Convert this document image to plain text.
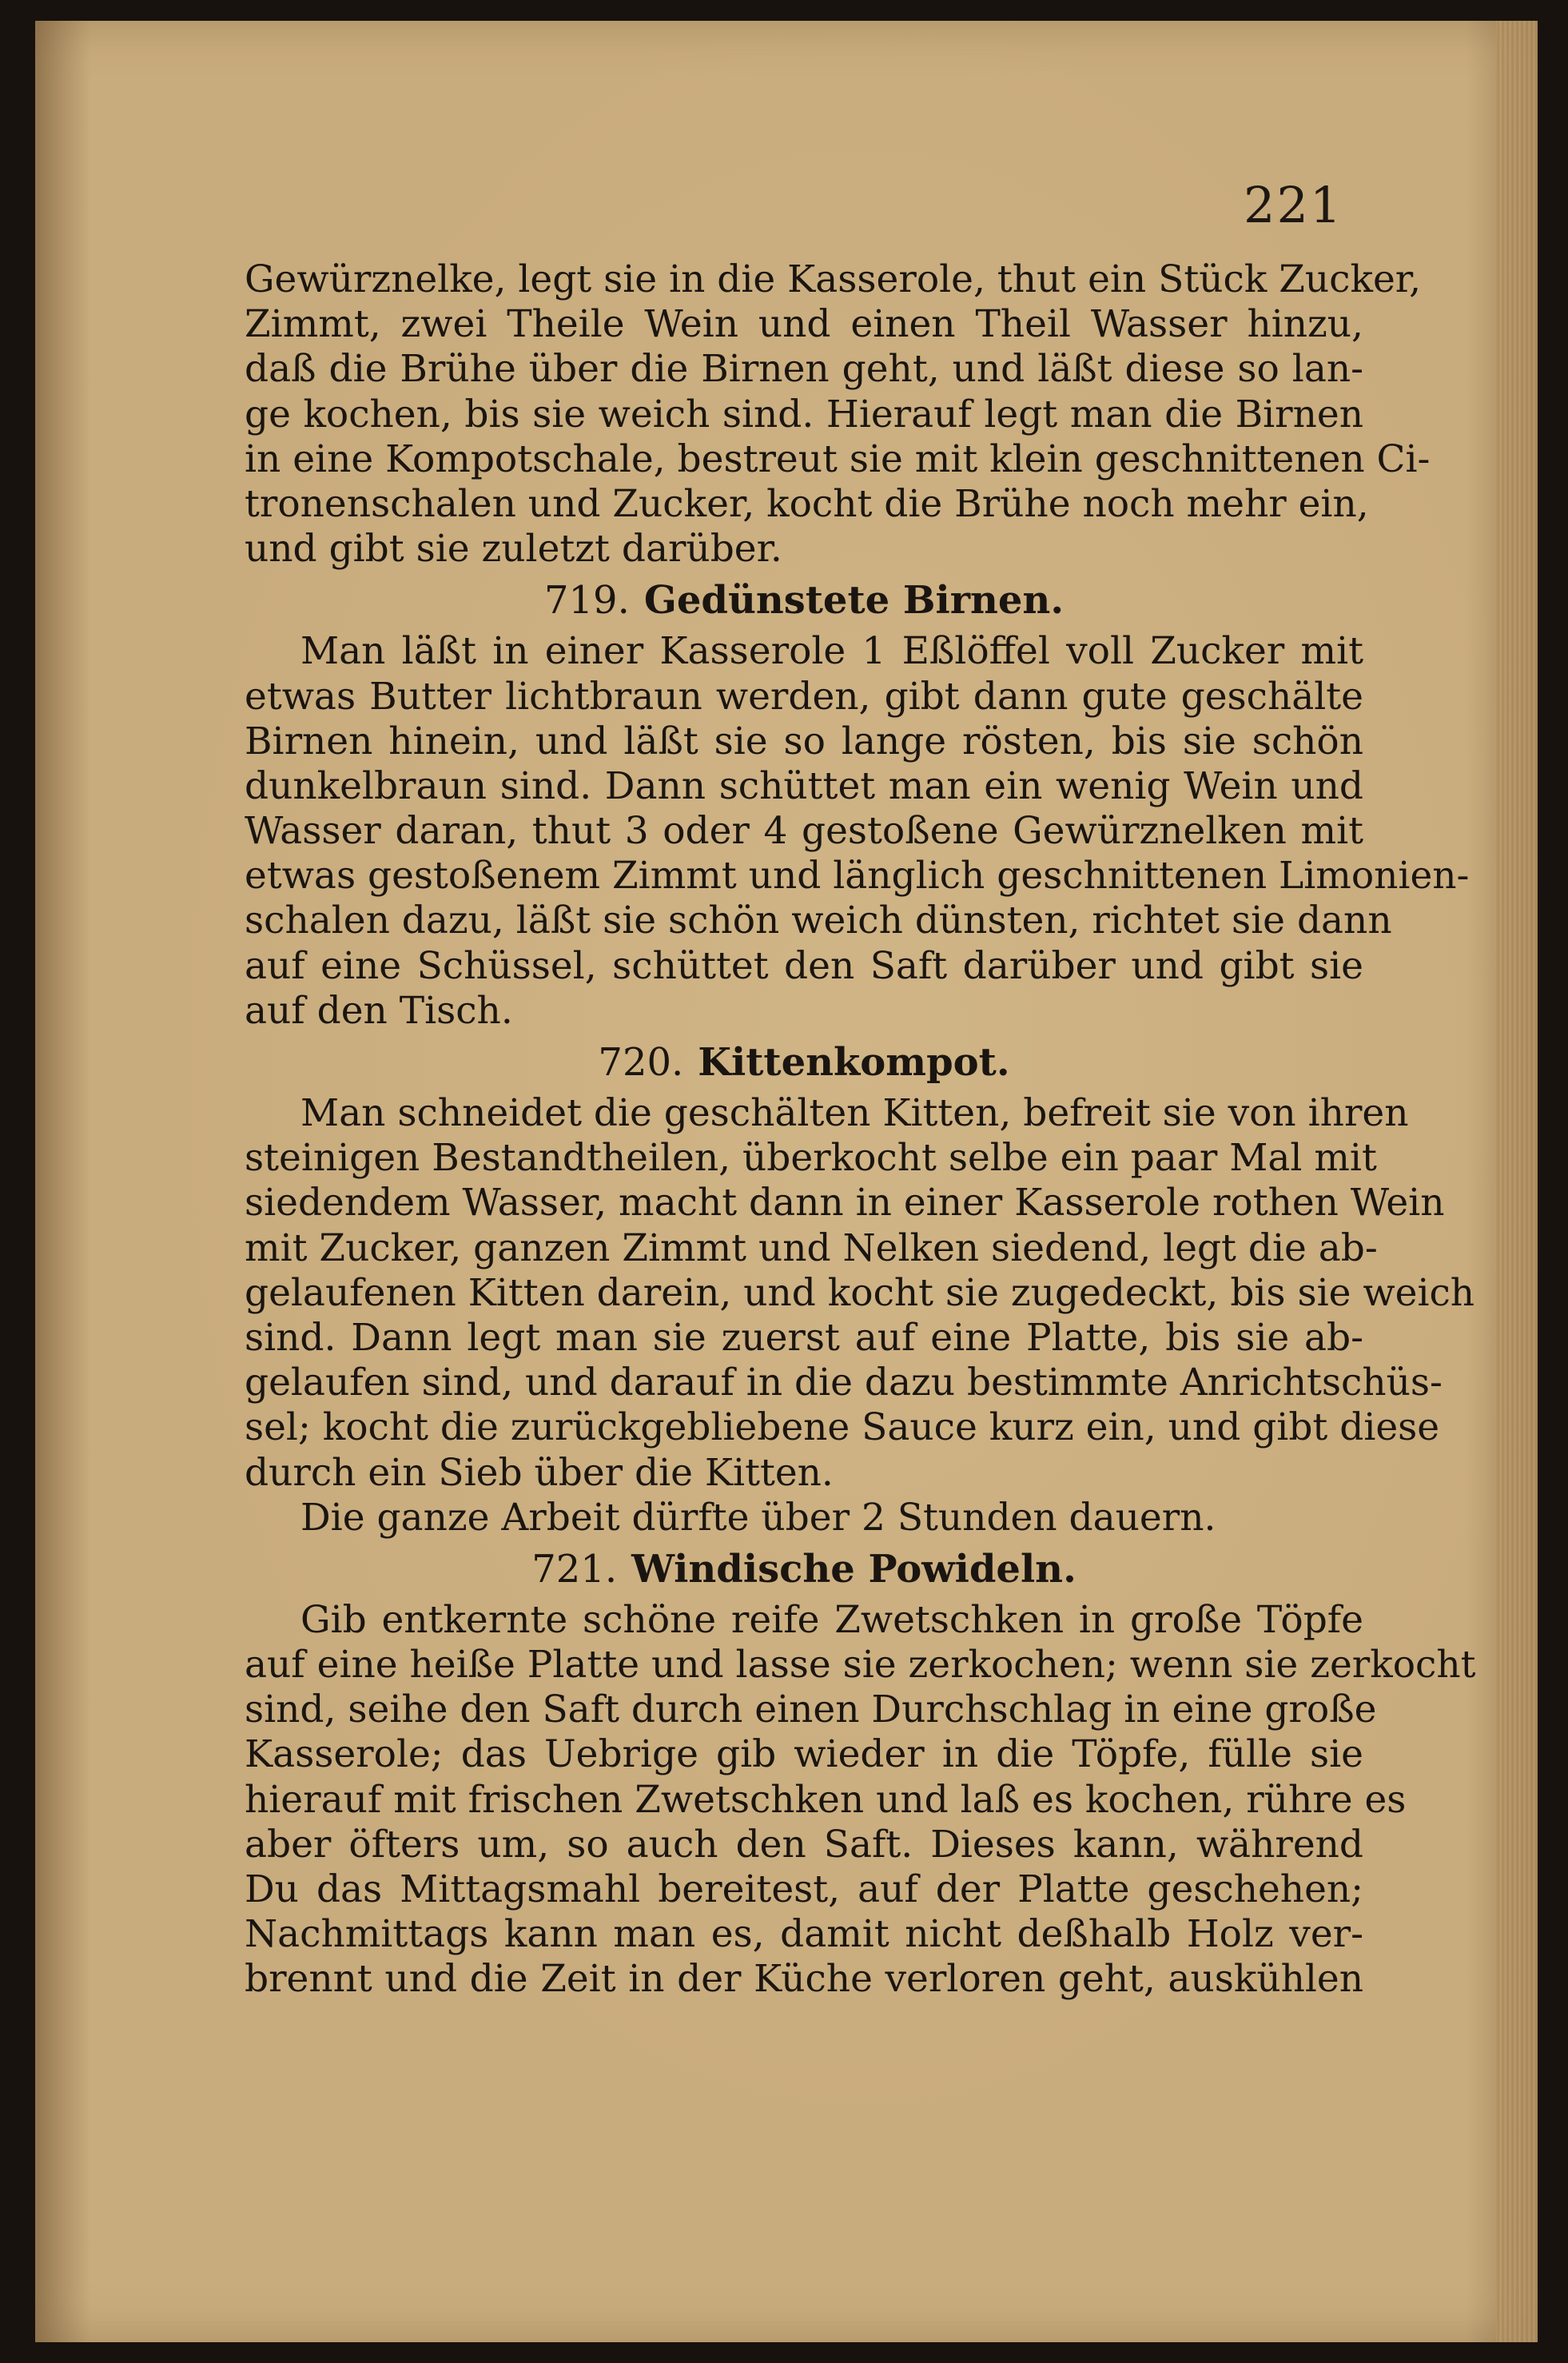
221
Gewürznelke, legt sie in die Kasserole, thut ein Stück Zucker,
Zimmt, zwei Theile Wein und einen Theil Wasser hinzu,
daß die Brühe über die Birnen geht, und läßt diese so lan-
ge kochen, bis sie weich sind. Hierauf legt man die Birnen
in eine Kompotschale, bestreut sie mit klein geschnittenen Ci-
tronenschalen und Zucker, kocht die Brühe noch mehr ein,
und gibt sie zuletzt darüber.
719. Gedünstete Birnen.
Man läßt in einer Kasserole 1 Eßlöffel voll Zucker mit
etwas Butter lichtbraun werden, gibt dann gute geschälte
Birnen hinein, und läßt sie so lange rösten, bis sie schön
dunkelbraun sind. Dann schüttet man ein wenig Wein und
Wasser daran, thut 3 oder 4 gestoßene Gewürznelken mit
etwas gestoßenem Zimmt und länglich geschnittenen Limonien-
schalen dazu, läßt sie schön weich dünsten, richtet sie dann
auf eine Schüssel, schüttet den Saft darüber und gibt sie
auf den Tisch.
720. Kittenkompot.
Man schneidet die geschälten Kitten, befreit sie von ihren
steinigen Bestandtheilen, überkocht selbe ein paar Mal mit
siedendem Wasser, macht dann in einer Kasserole rothen Wein
mit Zucker, ganzen Zimmt und Nelken siedend, legt die ab-
gelaufenen Kitten darein, und kocht sie zugedeckt, bis sie weich
sind. Dann legt man sie zuerst auf eine Platte, bis sie ab-
gelaufen sind, und darauf in die dazu bestimmte Anrichtschüs-
sel; kocht die zurückgebliebene Sauce kurz ein, und gibt diese
durch ein Sieb über die Kitten.
Die ganze Arbeit dürfte über 2 Stunden dauern.
721. Windische Powideln.
Gib entkernte schöne reife Zwetschken in große Töpfe
auf eine heiße Platte und lasse sie zerkochen; wenn sie zerkocht
sind, seihe den Saft durch einen Durchschlag in eine große
Kasserole; das Uebrige gib wieder in die Töpfe, fülle sie
hierauf mit frischen Zwetschken und laß es kochen, rühre es
aber öfters um, so auch den Saft. Dieses kann, während
Du das Mittagsmahl bereitest, auf der Platte geschehen;
Nachmittags kann man es, damit nicht deßhalb Holz ver-
brennt und die Zeit in der Küche verloren geht, auskühlen
